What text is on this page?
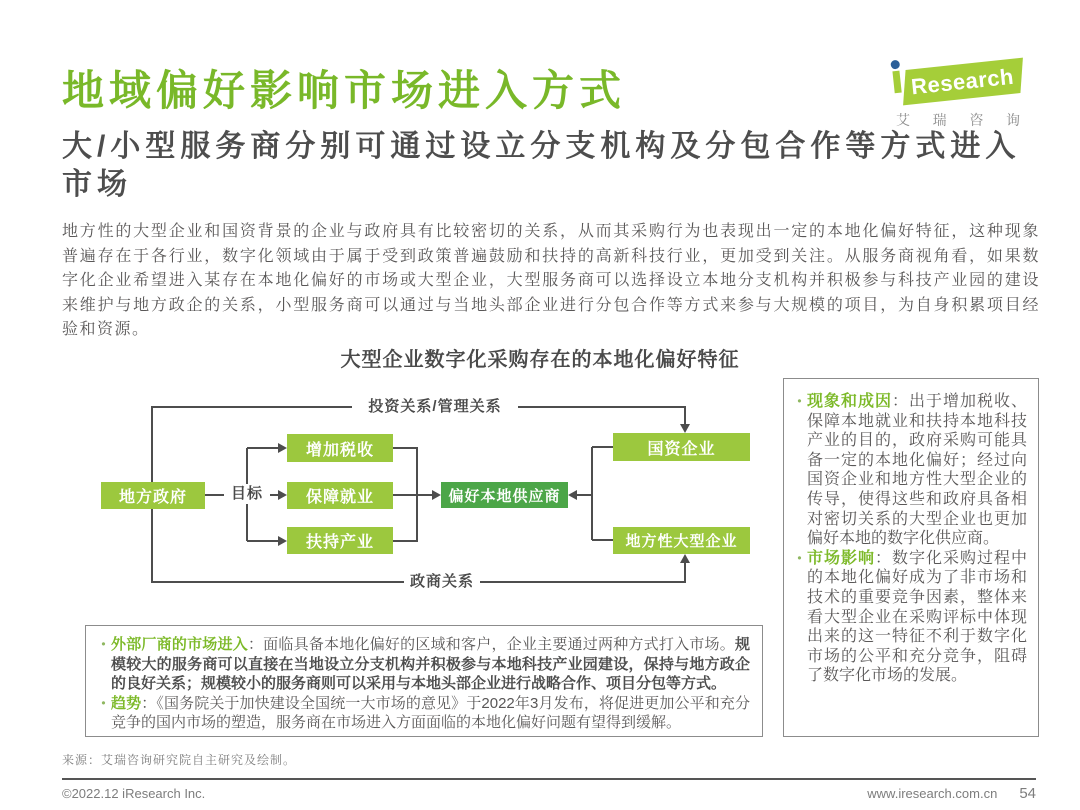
地域偏好影响市场进入方式	Research
艾 瑞 咨 询
大/小型服务商分别可通过设立分支机构及分包合作等方式进入市场

地方性的大型企业和国资背景的企业与政府具有比较密切的关系，从而其采购行为也表现出一定的本地化偏好特征，这种现象普遍存在于各行业，数字化领域由于属于受到政策普遍鼓励和扶持的高新科技行业，更加受到关注。从服务商视角看，如果数字化企业希望进入某存在本地化偏好的市场或大型企业，大型服务商可以选择设立本地分支机构并积极参与科技产业园的建设来维护与地方政企的关系，小型服务商可以通过与当地头部企业进行分包合作等方式来参与大规模的项目，为自身积累项目经验和资源。

大型企业数字化采购存在的本地化偏好特征
地方政府
增加税收
保障就业
扶持产业
偏好本地供应商
国资企业
地方性大型企业
目标
投资关系/管理关系
政商关系
• 现象和成因：出于增加税收、保障本地就业和扶持本地科技产业的目的，政府采购可能具备一定的本地化偏好；经过向国资企业和地方性大型企业的传导，使得这些和政府具备相对密切关系的大型企业也更加偏好本地的数字化供应商。
• 市场影响：数字化采购过程中的本地化偏好成为了非市场和技术的重要竞争因素，整体来看大型企业在采购评标中体现出来的这一特征不利于数字化市场的公平和充分竞争，阻碍了数字化市场的发展。
• 外部厂商的市场进入：面临具备本地化偏好的区域和客户，企业主要通过两种方式打入市场。规模较大的服务商可以直接在当地设立分支机构并积极参与本地科技产业园建设，保持与地方政企的良好关系；规模较小的服务商则可以采用与本地头部企业进行战略合作、项目分包等方式。
• 趋势：《国务院关于加快建设全国统一大市场的意见》于2022年3月发布，将促进更加公平和充分竞争的国内市场的塑造，服务商在市场进入方面面临的本地化偏好问题有望得到缓解。
来源：艾瑞咨询研究院自主研究及绘制。
©2022.12 iResearch Inc.	www.iresearch.com.cn 54
